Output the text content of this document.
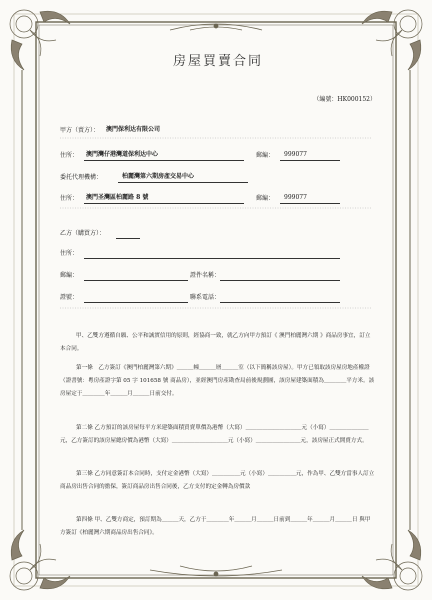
房屋買賣合同
（編號：HK000152）
甲方（賣方）： 澳門保利达有限公司
住所： 澳門灣仔港灣道保利达中心	郵編： 999077
委托代理機構：	柏麗灣第六期房產交易中心
住所： 澳門圣灣區柏麗路 8 號	郵編： 999077
乙方（購買方）：
住所：
郵編：	證件名稱：
證號：	聯系電話：
甲、乙雙方遵循自願、公平和誠實信用的原則，經協商一致，就乙方向甲方預訂《 澳門柏麗灣六期 》商品房事宜，訂立本合同。
第一條　乙方簽訂《澳門柏麗灣第六期》＿＿＿幢＿＿＿層＿＿＿室（以下簡稱該房屋）。甲方已領取該房屋房地產權證（證書號：粵房產證字第 05 字 101658 號 商品房），並經澳門房產勘查局前後規劃圖，該房屋建築面積為＿＿＿＿平方米。該房屋定于＿＿＿＿年＿＿＿月＿＿＿日前交付。
第二條 乙方預訂的該房屋每平方米建築面積買賣單價為港幣（大寫）＿＿＿＿＿＿＿＿＿＿元（小寫）＿＿＿＿＿＿＿元，乙方簽訂的該房屋總房價為港幣（大寫）＿＿＿＿＿＿＿＿＿＿元（小寫）＿＿＿＿＿＿＿＿元，該房屋正式開賣方式。
第三條 乙方同意簽訂本合同時，支付定金港幣（大寫）＿＿＿＿＿元（小寫）＿＿＿＿＿元，作為甲、乙雙方當事人訂立商品房出售合同的擔保，簽訂商品房出售合同後，乙方支付的定金轉為房價款
第四條 甲、乙雙方商定，預訂期為＿＿＿天，乙方于＿＿＿＿年＿＿＿月＿＿＿日前到＿＿＿年＿＿＿月＿＿＿日 與甲方簽訂《柏麗灣六期商品房出售合同》。
